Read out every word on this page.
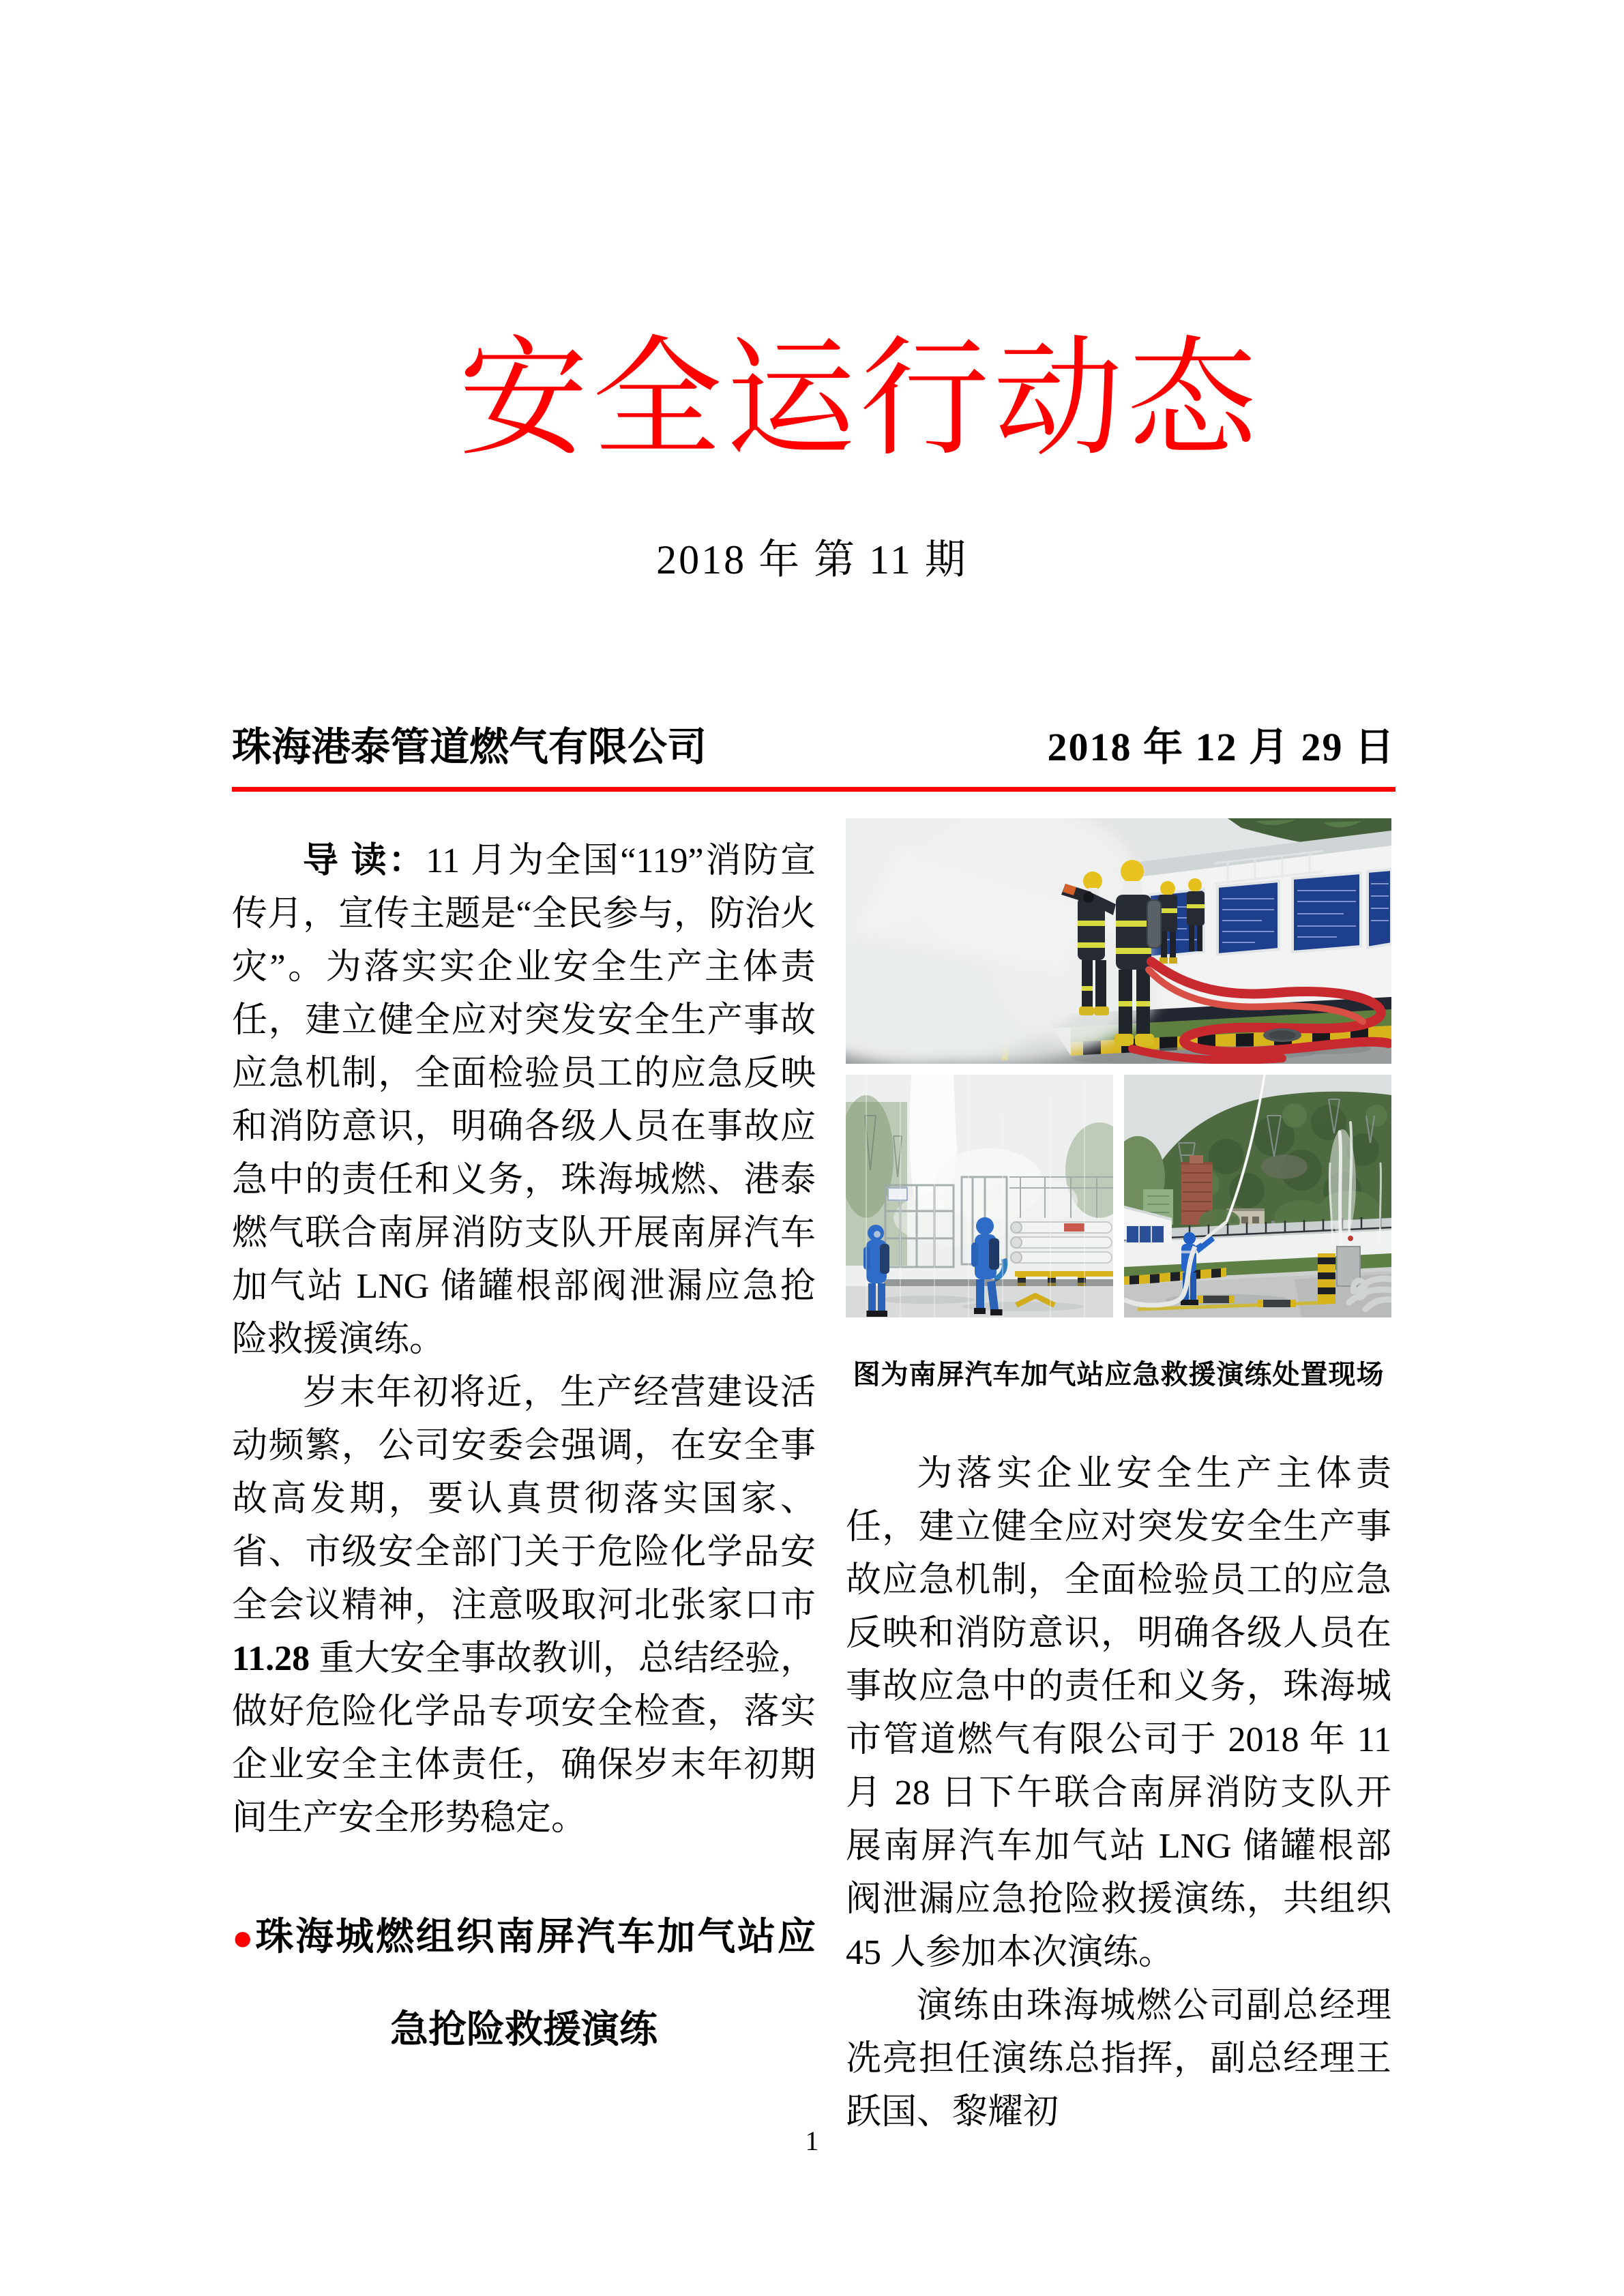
安全运行动态
2018 年 第 11 期
珠海港泰管道燃气有限公司	2018 年 12 月 29 日

导 读：11 月为全国“119”消防宣传月，宣传主题是“全民参与，防治火灾”。为落实实企业安全生产主体责任，建立健全应对突发安全生产事故应急机制，全面检验员工的应急反映和消防意识，明确各级人员在事故应急中的责任和义务，珠海城燃、港泰燃气联合南屏消防支队开展南屏汽车加气站 LNG 储罐根部阀泄漏应急抢险救援演练。

岁末年初将近，生产经营建设活动频繁，公司安委会强调，在安全事故高发期，要认真贯彻落实国家、省、市级安全部门关于危险化学品安全会议精神，注意吸取河北张家口市 11.28 重大安全事故教训，总结经验，做好危险化学品专项安全检查，落实企业安全主体责任，确保岁末年初期间生产安全形势稳定。

●珠海城燃组织南屏汽车加气站应
急抢险救援演练
图为南屏汽车加气站应急救援演练处置现场

为落实企业安全生产主体责任，建立健全应对突发安全生产事故应急机制，全面检验员工的应急反映和消防意识，明确各级人员在事故应急中的责任和义务，珠海城市管道燃气有限公司于 2018 年 11 月 28 日下午联合南屏消防支队开展南屏汽车加气站 LNG 储罐根部阀泄漏应急抢险救援演练，共组织 45 人参加本次演练。

演练由珠海城燃公司副总经理冼亮担任演练总指挥，副总经理王跃国、黎耀初

1
